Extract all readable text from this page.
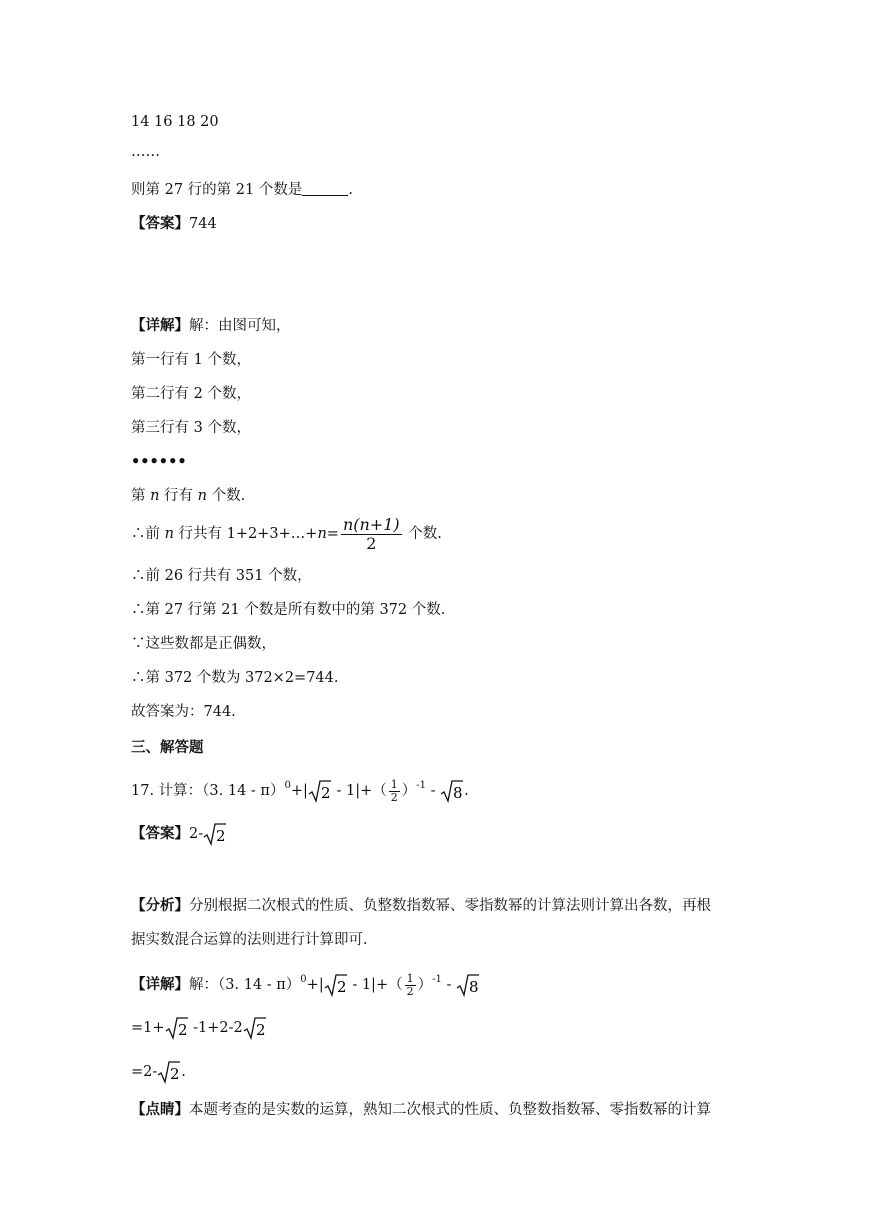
14 16 18 20
……
则第 27 行的第 21 个数是	.
【答案】744
【详解】解：由图可知，
第一行有 1 个数，
第二行有 2 个数，
第三行有 3 个数，
••••••
第 n 行有 n 个数.
∴前 n 行共有 1+2+3+…+n= $\frac{n(n+1)}{2}$ 个数.
∴前 26 行共有 351 个数，
∴第 27 行第 21 个数是所有数中的第 372 个数.
∵这些数都是正偶数，
∴第 372 个数为 372×2=744.
故答案为：744.
三、解答题
17. 计算：（3. 14 - π）$^0$+| $2 - 1|+( \frac{1}{2} )^{-1} - 8$ .
【答案】2- 2
【分析】分别根据二次根式的性质、负整数指数幂、零指数幂的计算法则计算出各数，再根
据实数混合运算的法则进行计算即可.
【详解】解：（3. 14 - π）$^0$+| $2 - 1|+( \frac{1}{2} )^{-1} - 8$
=1+ 2 -1+2-2 2
=2- 2 .
【点睛】本题考查的是实数的运算，熟知二次根式的性质、负整数指数幂、零指数幂的计算
